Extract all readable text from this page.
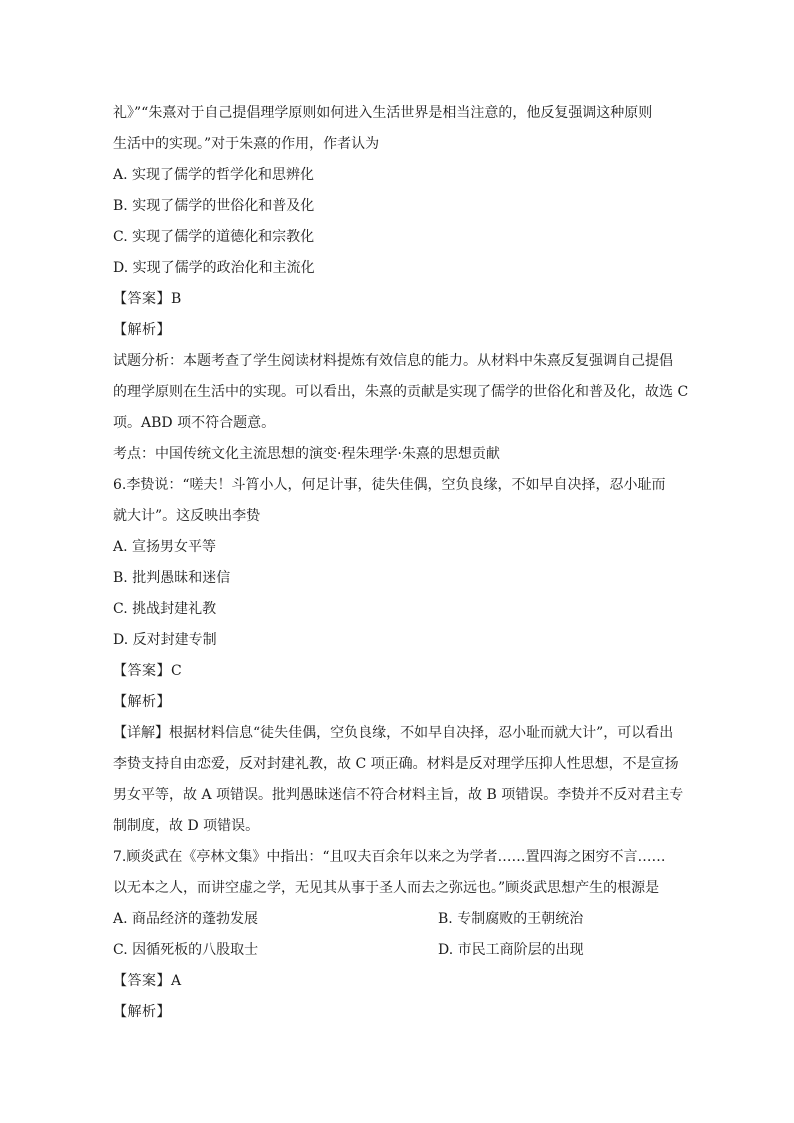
礼》”“朱熹对于自己提倡理学原则如何进入生活世界是相当注意的，他反复强调这种原则
生活中的实现。”对于朱熹的作用，作者认为
A. 实现了儒学的哲学化和思辨化
B. 实现了儒学的世俗化和普及化
C. 实现了儒学的道德化和宗教化
D. 实现了儒学的政治化和主流化
【答案】B
【解析】
试题分析：本题考查了学生阅读材料提炼有效信息的能力。从材料中朱熹反复强调自己提倡
的理学原则在生活中的实现。可以看出，朱熹的贡献是实现了儒学的世俗化和普及化，故选 C
项。ABD 项不符合题意。
考点：中国传统文化主流思想的演变·程朱理学·朱熹的思想贡献
6.李贽说：“嗟夫！斗筲小人，何足计事，徒失佳偶，空负良缘，不如早自决择，忍小耻而
就大计”。这反映出李贽
A. 宣扬男女平等
B. 批判愚昧和迷信
C. 挑战封建礼教
D. 反对封建专制
【答案】C
【解析】
【详解】根据材料信息“徒失佳偶，空负良缘，不如早自决择，忍小耻而就大计”，可以看出
李贽支持自由恋爱，反对封建礼教，故 C 项正确。材料是反对理学压抑人性思想，不是宣扬
男女平等，故 A 项错误。批判愚昧迷信不符合材料主旨，故 B 项错误。李贽并不反对君主专
制制度，故 D 项错误。
7.顾炎武在《亭林文集》中指出：“且叹夫百余年以来之为学者……置四海之困穷不言……
以无本之人，而讲空虚之学，无见其从事于圣人而去之弥远也。”顾炎武思想产生的根源是
A. 商品经济的蓬勃发展	B. 专制腐败的王朝统治
C. 因循死板的八股取士	D. 市民工商阶层的出现
【答案】A
【解析】
